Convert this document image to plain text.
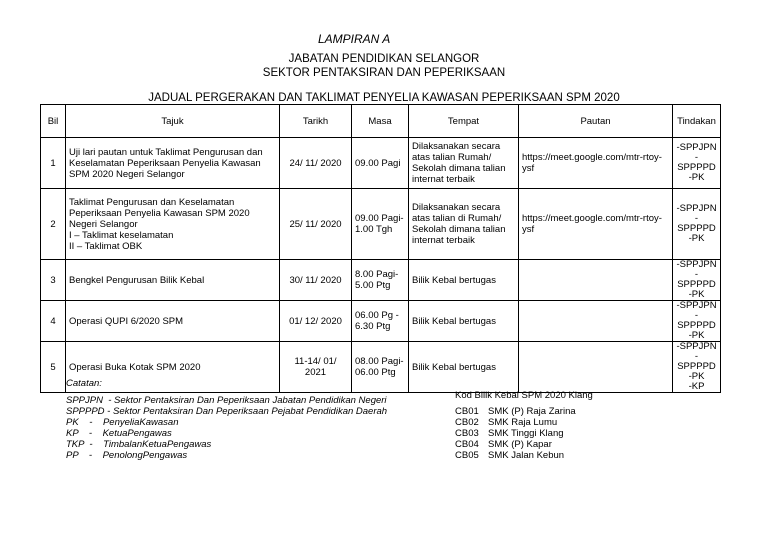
LAMPIRAN A
JABATAN PENDIDIKAN SELANGOR
SEKTOR PENTAKSIRAN DAN PEPERIKSAAN
JADUAL PERGERAKAN DAN TAKLIMAT PENYELIA KAWASAN PEPERIKSAAN SPM 2020
Bil	Tajuk	Tarikh	Masa	Tempat	Pautan	Tindakan
1	Uji lari pautan untuk Taklimat Pengurusan dan Keselamatan Peperiksaan Penyelia Kawasan SPM 2020 Negeri Selangor	24/ 11/ 2020	09.00 Pagi	Dilaksanakan secara atas talian Rumah/ Sekolah dimana talian internat terbaik	https://meet.google.com/mtr-rtoy-ysf	-SPPJPN
-SPPPPD
-PK
2	Taklimat Pengurusan dan Keselamatan Peperiksaan Penyelia Kawasan SPM 2020 Negeri Selangor
I – Taklimat keselamatan
II – Taklimat OBK	25/ 11/ 2020	09.00 Pagi-1.00 Tgh	Dilaksanakan secara atas talian di Rumah/ Sekolah dimana talian internat terbaik	https://meet.google.com/mtr-rtoy-ysf	-SPPJPN
-SPPPPD
-PK
3	Bengkel Pengurusan Bilik Kebal	30/ 11/ 2020	8.00 Pagi-5.00 Ptg	Bilik Kebal bertugas		-SPPJPN
-SPPPPD
-PK
4	Operasi QUPI 6/2020 SPM	01/ 12/ 2020	06.00 Pg - 6.30 Ptg	Bilik Kebal bertugas		-SPPJPN
-SPPPPD
-PK
5	Operasi Buka Kotak SPM 2020	11-14/ 01/ 2021	08.00 Pagi-06.00 Ptg	Bilik Kebal bertugas		-SPPJPN
-SPPPPD
-PK
-KP
Catatan:
SPPJPN  - Sektor Pentaksiran Dan Peperiksaan Jabatan Pendidikan Negeri
SPPPPD - Sektor Pentaksiran Dan Peperiksaan Pejabat Pendidikan Daerah
PK    -    PenyeliaKawasan
KP    -    KetuaPengawas
TKP  -    TimbalanKetuaPengawas
PP    -    PenolongPengawas
Kod Bilik Kebal SPM 2020 Klang
CB01 SMK (P) Raja Zarina
CB02 SMK Raja Lumu
CB03 SMK Tinggi Klang
CB04 SMK (P) Kapar
CB05 SMK Jalan Kebun
